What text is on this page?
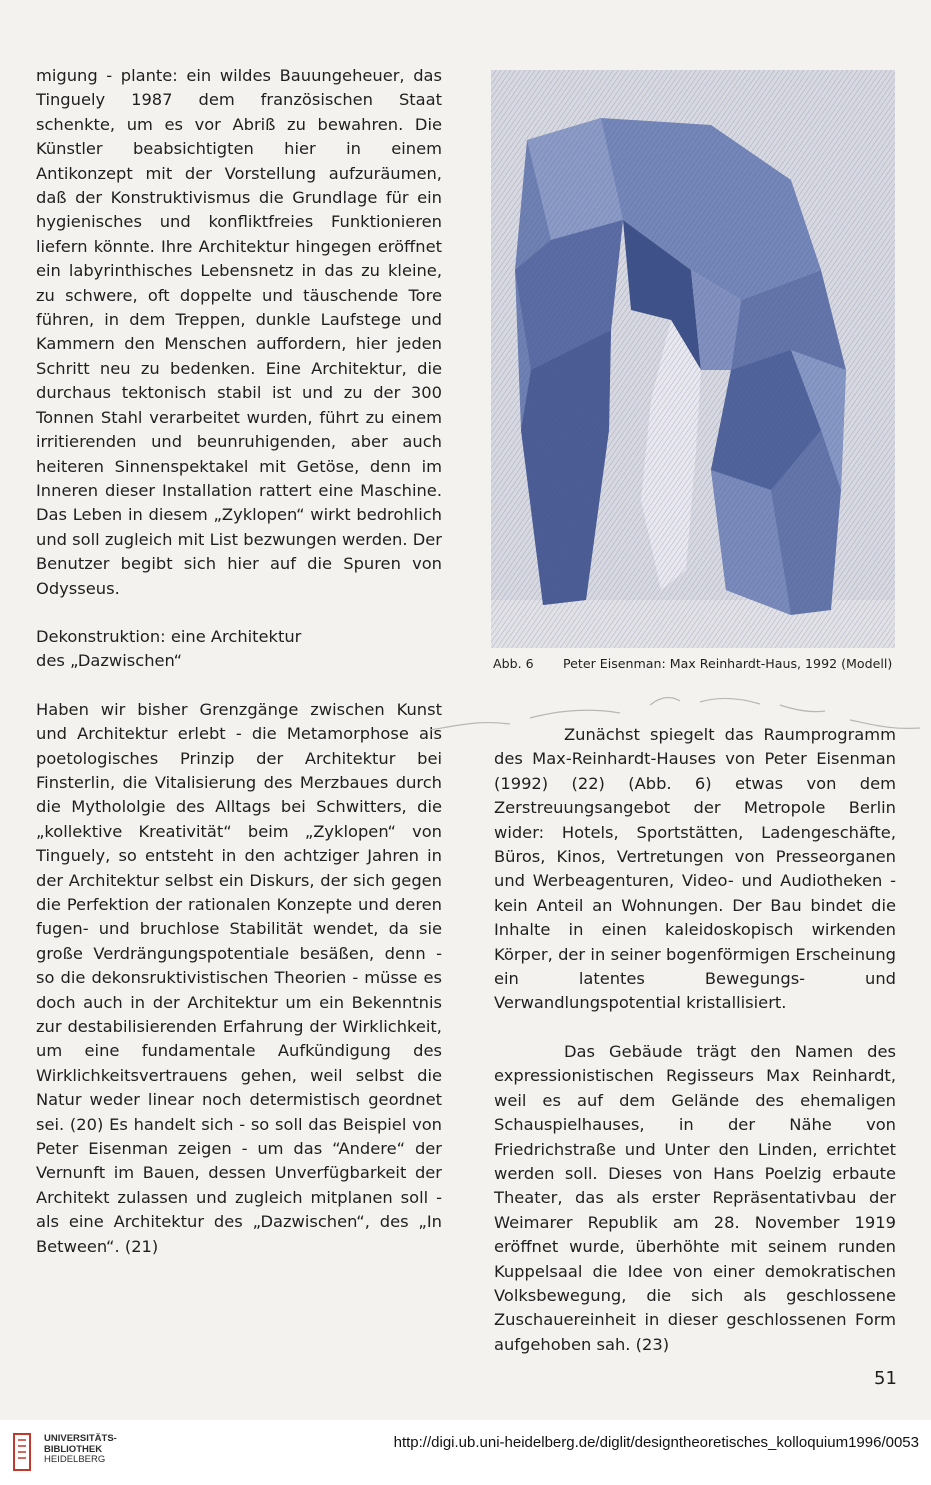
migung - plante: ein wildes Bauungeheuer, das Tinguely 1987 dem französischen Staat schenkte, um es vor Abriß zu bewahren. Die Künstler beabsichtigten hier in einem Antikonzept mit der Vorstellung aufzuräumen, daß der Konstruktivismus die Grundlage für ein hygienisches und konfliktfreies Funktionieren liefern könnte. Ihre Architektur hingegen eröffnet ein labyrinthisches Lebensnetz in das zu kleine, zu schwere, oft doppelte und täuschende Tore führen, in dem Treppen, dunkle Laufstege und Kammern den Menschen auffordern, hier jeden Schritt neu zu bedenken. Eine Architektur, die durchaus tektonisch stabil ist und zu der 300 Tonnen Stahl verarbeitet wurden, führt zu einem irritierenden und beunruhigenden, aber auch heiteren Sinnenspektakel mit Getöse, denn im Inneren dieser Installation rattert eine Maschine. Das Leben in diesem „Zyklopen“ wirkt bedrohlich und soll zugleich mit List bezwungen werden. Der Benutzer begibt sich hier auf die Spuren von Odysseus.

Dekonstruktion: eine Architektur
des „Dazwischen“

Haben wir bisher Grenzgänge zwischen Kunst und Architektur erlebt - die Metamorphose als poetologisches Prinzip der Architektur bei Finsterlin, die Vitalisierung des Merzbaues durch die Mythololgie des Alltags bei Schwitters, die „kollektive Kreativität“ beim „Zyklopen“ von Tinguely, so entsteht in den achtziger Jahren in der Architektur selbst ein Diskurs, der sich gegen die Perfektion der rationalen Konzepte und deren fugen- und bruchlose Stabilität wendet, da sie große Verdrängungspotentiale besäßen, denn - so die dekonsruktivistischen Theorien - müsse es doch auch in der Architektur um ein Bekenntnis zur destabilisierenden Erfahrung der Wirklichkeit, um eine fundamentale Aufkündigung des Wirklichkeitsvertrauens gehen, weil selbst die Natur weder linear noch determistisch geordnet sei. (20) Es handelt sich - so soll das Beispiel von Peter Eisenman zeigen - um das “Andere“ der Vernunft im Bauen, dessen Unverfügbarkeit der Architekt zulassen und zugleich mitplanen soll - als eine Architektur des „Dazwischen“, des „In Between“. (21)

Abb. 6 Peter Eisenman: Max Reinhardt-Haus, 1992 (Modell)

Zunächst spiegelt das Raumprogramm des Max-Reinhardt-Hauses von Peter Eisenman (1992) (22) (Abb. 6) etwas von dem Zerstreuungsangebot der Metropole Berlin wider: Hotels, Sportstätten, Ladengeschäfte, Büros, Kinos, Vertretungen von Presseorganen und Werbeagenturen, Video- und Audiotheken - kein Anteil an Wohnungen. Der Bau bindet die Inhalte in einen kaleidoskopisch wirkenden Körper, der in seiner bogenförmigen Erscheinung ein latentes Bewegungs- und Verwandlungspotential kristallisiert.

Das Gebäude trägt den Namen des expressionistischen Regisseurs Max Reinhardt, weil es auf dem Gelände des ehemaligen Schauspielhauses, in der Nähe von Friedrichstraße und Unter den Linden, errichtet werden soll. Dieses von Hans Poelzig erbaute Theater, das als erster Repräsentativbau der Weimarer Republik am 28. November 1919 eröffnet wurde, überhöhte mit seinem runden Kuppelsaal die Idee von einer demokratischen Volksbewegung, die sich als geschlossene Zuschauereinheit in dieser geschlossenen Form aufgehoben sah. (23)

51
UNIVERSITÄTS-
BIBLIOTHEK
HEIDELBERG
http://digi.ub.uni-heidelberg.de/diglit/designtheoretisches_kolloquium1996/0053
